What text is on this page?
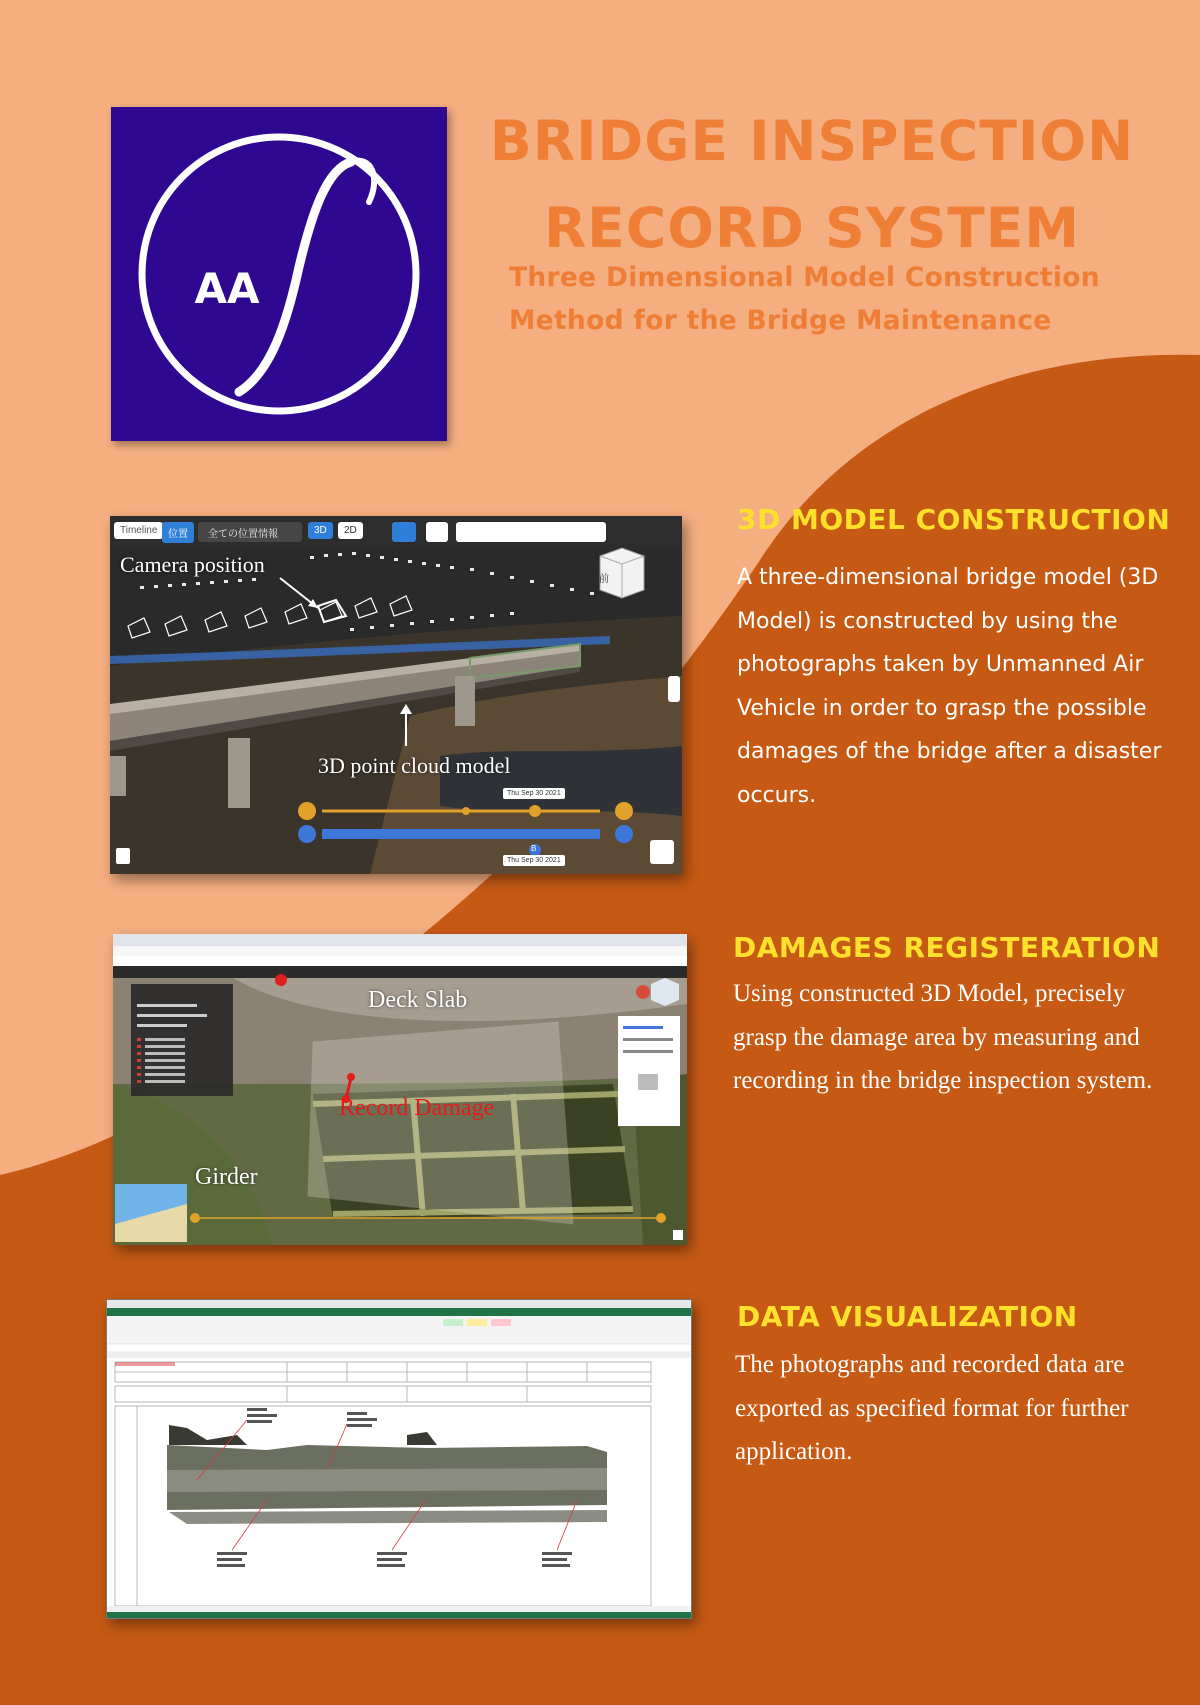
AA
BRIDGE INSPECTION
RECORD SYSTEM

Three Dimensional Model Construction
Method for the Bridge Maintenance

Timeline	位置	全ての位置情報	3D	2D
前
Thu Sep 30 2021
Thu Sep 30 2021
B

Camera position

3D point cloud model

3D MODEL CONSTRUCTION

A three-dimensional bridge model (3D Model) is constructed by using the photographs taken by Unmanned Air Vehicle in order to grasp the possible damages of the bridge after a disaster occurs.

Deck Slab

Record Damage

Girder

DAMAGES REGISTERATION

Using constructed 3D Model, precisely grasp the damage area by measuring and recording in the bridge inspection system.

DATA VISUALIZATION

The photographs and recorded data are exported as specified format for further application.
